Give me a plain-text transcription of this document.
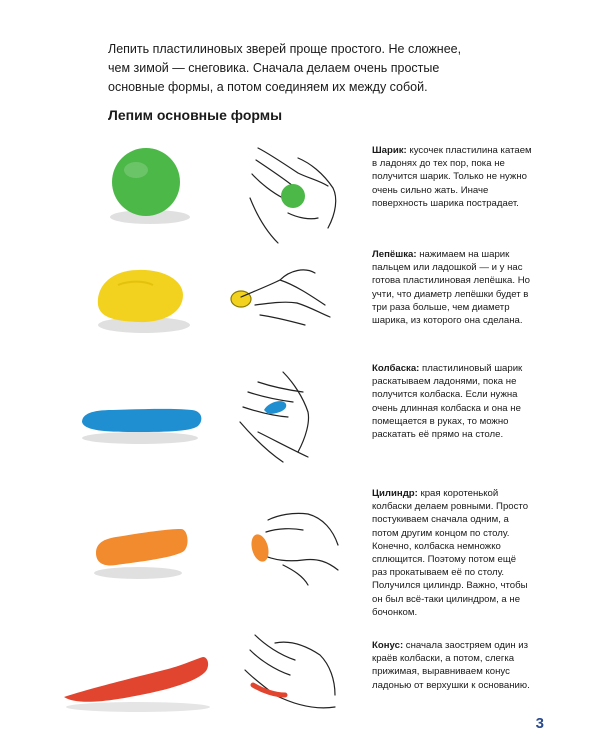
Лепить пластилиновых зверей проще простого. Не сложнее,
чем зимой — снеговика. Сначала делаем очень простые
основные формы, а потом соединяем их между собой.
Лепим основные формы

Шарик: кусочек пластилина катаем в ладонях до тех пор, пока не получится шарик. Только не нужно очень сильно жать. Иначе поверхность шарика пострадает.

Лепёшка: нажимаем на шарик пальцем или ладошкой — и у нас готова пластилиновая лепёшка. Но учти, что диаметр лепёшки будет в три раза больше, чем диаметр шарика, из которого она сделана.

Колбаска: пластилиновый шарик раскатываем ладонями, пока не получится колбаска. Если нужна очень длинная колбаска и она не помещается в руках, то можно раскатать её прямо на столе.

Цилиндр: края коротенькой колбаски делаем ровными. Просто постукиваем сначала одним, а потом другим концом по столу. Конечно, колбаска немножко сплющится. Поэтому потом ещё раз прокатываем её по столу. Получился цилиндр. Важно, чтобы он был всё-таки цилиндром, а не бочонком.

Конус: сначала заостряем один из краёв колбаски, а потом, слегка прижимая, выравниваем конус ладонью от верхушки к основанию.

3
